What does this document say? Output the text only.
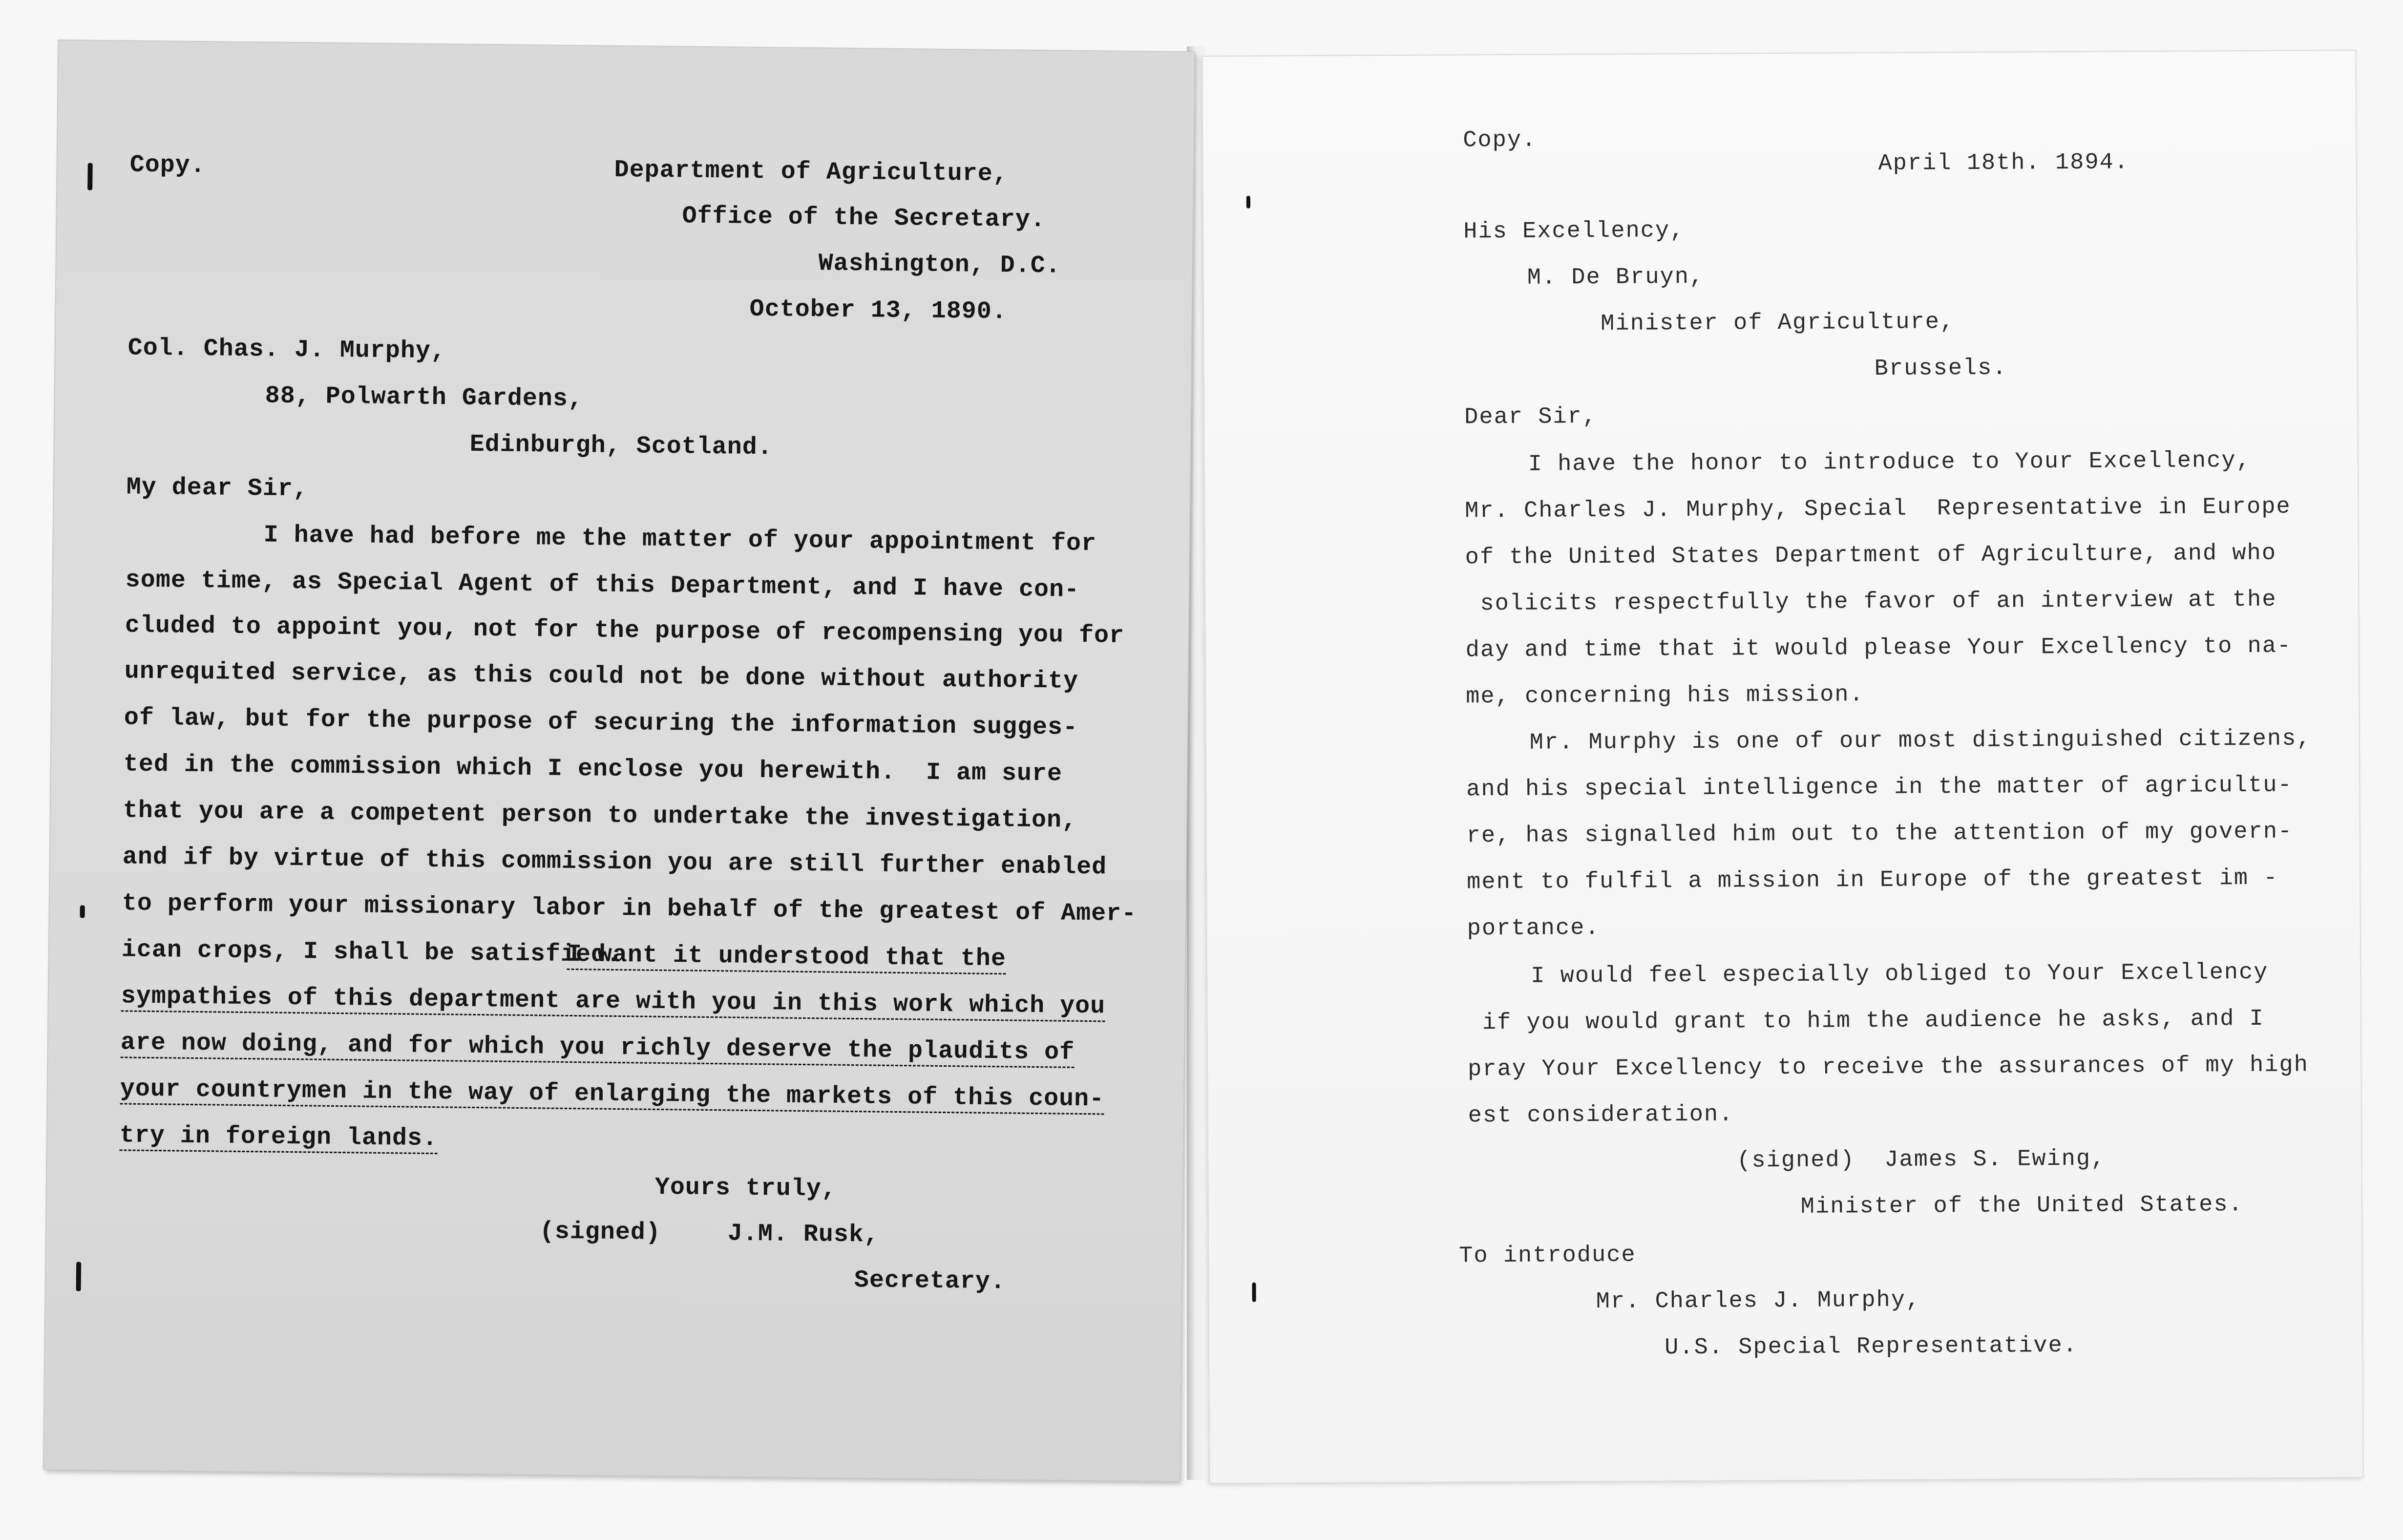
Copy.	Department of Agriculture,
Office of the Secretary.
Washington, D.C.
October 13, 1890.
Col. Chas. J. Murphy,
88, Polwarth Gardens,
Edinburgh, Scotland.
My dear Sir,
I have had before me the matter of your appointment for
some time, as Special Agent of this Department, and I have con-
cluded to appoint you, not for the purpose of recompensing you for
unrequited service, as this could not be done without authority
of law, but for the purpose of securing the information sugges-
ted in the commission which I enclose you herewith.  I am sure
that you are a competent person to undertake the investigation,
and if by virtue of this commission you are still further enabled
to perform your missionary labor in behalf of the greatest of Amer-
ican crops, I shall be satisfied.
I want it understood that the
sympathies of this department are with you in this work which you
are now doing, and for which you richly deserve the plaudits of
your countrymen in the way of enlarging the markets of this coun-
try in foreign lands.
Yours truly,
(signed)	J.M. Rusk,
Secretary.
Copy.
April 18th. 1894.
His Excellency,
M. De Bruyn,
Minister of Agriculture,
Brussels.
Dear Sir,
I have the honor to introduce to Your Excellency,
Mr. Charles J. Murphy, Special  Representative in Europe
of the United States Department of Agriculture, and who
solicits respectfully the favor of an interview at the
day and time that it would please Your Excellency to na-
me, concerning his mission.
Mr. Murphy is one of our most distinguished citizens,
and his special intelligence in the matter of agricultu-
re, has signalled him out to the attention of my govern-
ment to fulfil a mission in Europe of the greatest im -
portance.
I would feel especially obliged to Your Excellency
if you would grant to him the audience he asks, and I
pray Your Excellency to receive the assurances of my high
est consideration.
(signed)  James S. Ewing,
Minister of the United States.
To introduce
Mr. Charles J. Murphy,
U.S. Special Representative.
